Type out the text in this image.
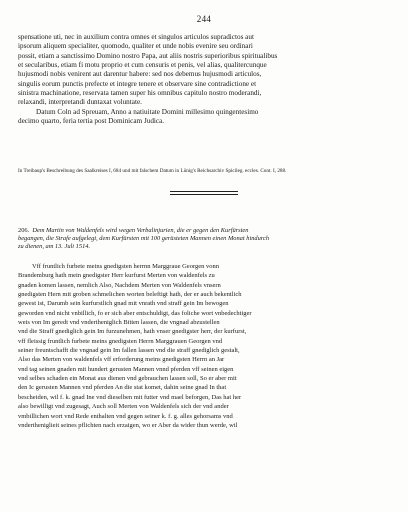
244
spensatione uti, nec in auxilium contra omnes et singulos articulos supradictos aut
ipsorum aliquem specialiter, quomodo, qualiter et unde nobis evenire seu ordinari
possit, etiam a sanctissimo Domino nostro Papa, aut aliis nostris superioribus spiritualibus
et secularibus, etiam fi motu proprio et cum censuris et penis, vel alias, qualitercunque
hujusmodi nobis venirent aut darentur habere: sed nos debemus hujusmodi articulos,
singulis eorum punctis prefecte et integre tenere et observare sine contradictione et
sinistra machinatione, reservata tamen super his omnibus capitulo nostro moderandi,
relaxandi, interpretandi duntaxat voluntate.
Datum Coln ad Spreuam, Anno a natiuitate Domini millesimo quingentesimo
decimo quarto, feria tertia post Dominicam Judica.
In Treibaup's Beschreibung des Saalkreises I, 684 und mit falschem Datum in Lünig's Reichsarchiv Spicileg. eccles. Cont. I, 288.
206. Dem Martin von Waldenfels wird wegen Verbalinjurien, die er gegen den Kurfürsten
begangen, die Strafe aufgelegt, dem Kurfürsten mit 100 gerüsteten Mannen einen Monat hindurch
zu dienen, am 13. Juli 1514.
Vff fruntlich furbete meins gnedigsten herrnn Marggraue Georgen vonn
Brandemburg hath mein gnedigster Herr kurfurst Merten von waldenfels zu
gnaden komen lassen, nemlich Also, Nachdem Merten von Waldenfels vnsern
gnedigsten Hern mit groben schmelichen worten beleftigt hath, der er auch bekentlich
gewest ist, Darumb sein kurfurstlich gnad mit vnrath vnd straff gein Im bewogen
geworden vnd nicht vnbillich, fo er sich aber entschuldigt, das foliche wort vnbedechtiger
weis von Im geredt vnd vndertheniglich Bitten lassen, die vngnad abzustellen
vnd die Straff gnediglich gein Im furzunehmen, hath vnser gnedigster herr, der kurfurst,
vff fleissig fruntlich furbete meins gnedigsten Herrn Marggrauen Georgen vnd
seiner freuntschafft die vngnad gein Im fallen lassen vnd die straff gnediglich gestalt,
Also das Merten von waldenfels vff erforderung meins gnedigsten Herrn an Jar
vnd tag seinen gnaden mit hundert gerusten Mannen vnnd pferden vff seinen eigen
vnd selbes schaden ein Monat aus dienen vnd gebrauchen lassen soll, So er aber mit
den Ic gerusten Mannen vnd pferden An die stat komet, dahin seine gnad In that
bescheiden, wil f. k. gnad Ine vnd dieselben mit futter vnd mael beforgen, Das hat her
also bewilligt vnd zugesagt, Auch soll Merten von Waldenfels sich der vnd ander
vmbillichen wort vnd Rede enthalten vnd gegen seiner k. f. g. alles gehorsams vnd
vndertheniglieit seines pflichten nach erzaigen, wo er Aber da wider thun werde, wil
